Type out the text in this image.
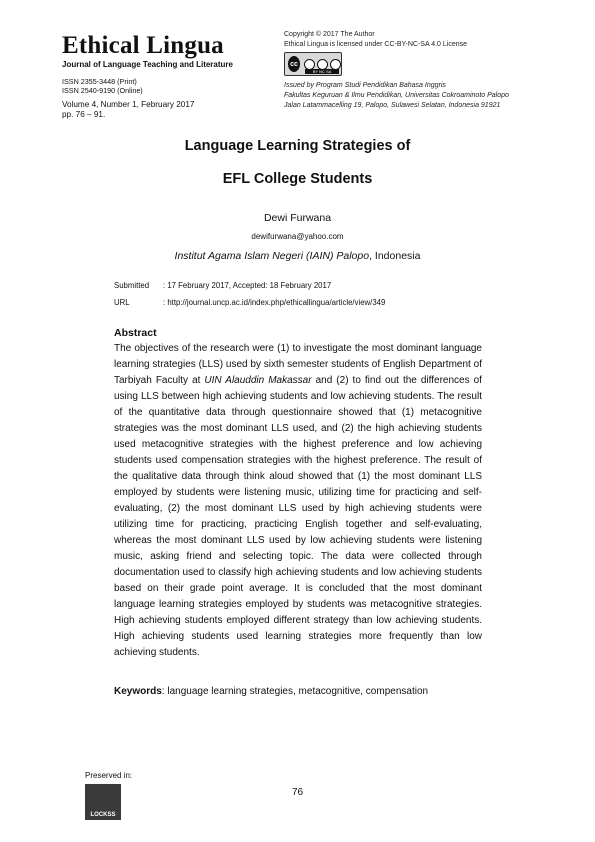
Ethical Lingua
Journal of Language Teaching and Literature
ISSN 2355-3448 (Print)
ISSN 2540-9190 (Online)
Volume 4, Number 1, February 2017
pp. 76 – 91.
Copyright © 2017 The Author
Ethical Lingua is licensed under CC-BY-NC-SA 4.0 License
cc
BY NC SA
Issued by Program Studi Pendidikan Bahasa Inggris
Fakultas Keguruan & Ilmu Pendidikan, Universitas Cokroaminoto Palopo
Jalan Latammacelling 19, Palopo, Sulawesi Selatan, Indonesia 91921
Language Learning Strategies of
EFL College Students
Dewi Furwana
dewifurwana@yahoo.com
Institut Agama Islam Negeri (IAIN) Palopo, Indonesia
Submitted : 17 February 2017, Accepted: 18 February 2017
URL	: http://journal.uncp.ac.id/index.php/ethicallingua/article/view/349
Abstract
The objectives of the research were (1) to investigate the most dominant language learning strategies (LLS) used by sixth semester students of English Department of Tarbiyah Faculty at UIN Alauddin Makassar and (2) to find out the differences of using LLS between high achieving students and low achieving students. The result of the quantitative data through questionnaire showed that (1) metacognitive strategies was the most dominant LLS used, and (2) the high achieving students used metacognitive strategies with the highest preference and low achieving students used compensation strategies with the highest preference. The result of the qualitative data through think aloud showed that (1) the most dominant LLS employed by students were listening music, utilizing time for practicing and self-evaluating, (2) the most dominant LLS used by high achieving students were utilizing time for practicing, practicing English together and self-evaluating, whereas the most dominant LLS used by low achieving students were listening music, asking friend and selecting topic. The data were collected through documentation used to classify high achieving students and low achieving students based on their grade point average. It is concluded that the most dominant language learning strategies employed by students was metacognitive strategies. High achieving students employed different strategy than low achieving students. High achieving students used learning strategies more frequently than low achieving students.
Keywords: language learning strategies, metacognitive, compensation
Preserved in:
LOCKSS
76
